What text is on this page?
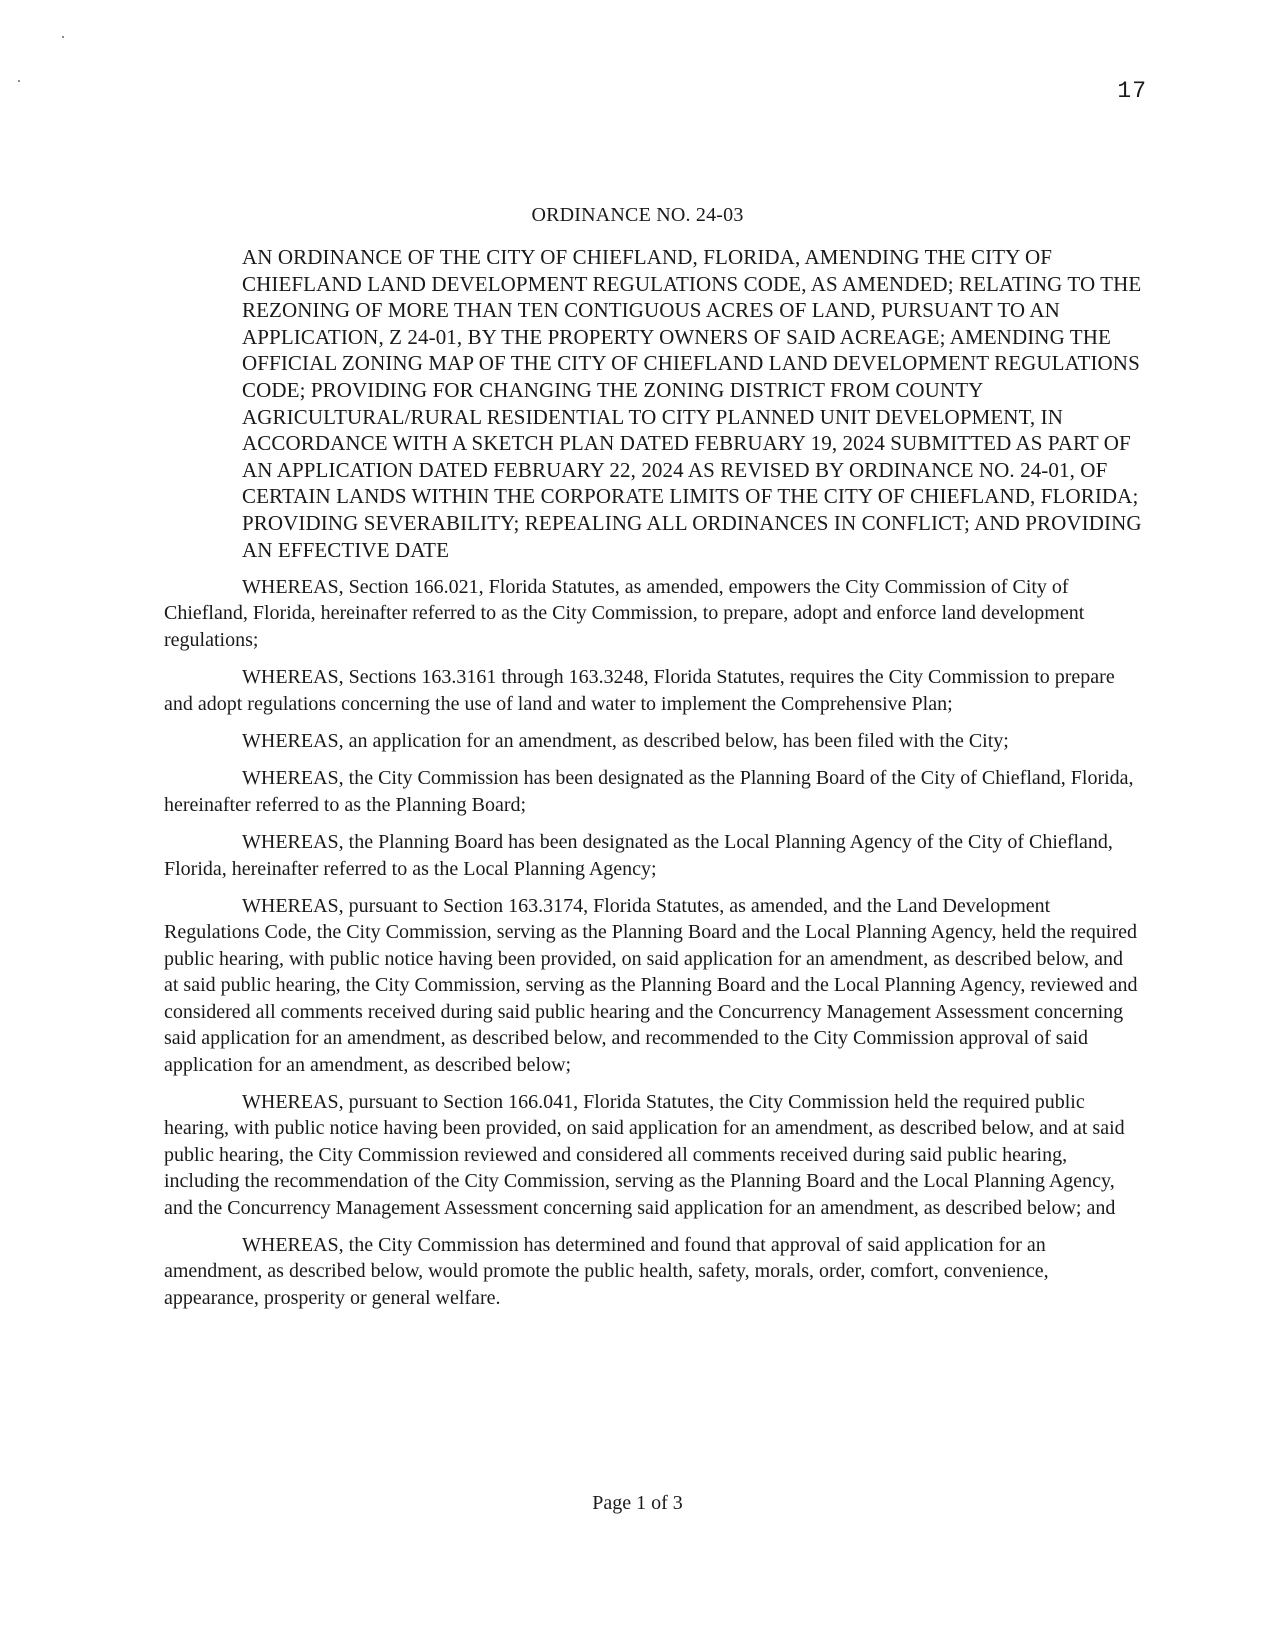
17
ORDINANCE NO. 24-03
AN ORDINANCE OF THE CITY OF CHIEFLAND, FLORIDA, AMENDING THE CITY OF CHIEFLAND LAND DEVELOPMENT REGULATIONS CODE, AS AMENDED; RELATING TO THE REZONING OF MORE THAN TEN CONTIGUOUS ACRES OF LAND, PURSUANT TO AN APPLICATION, Z 24-01, BY THE PROPERTY OWNERS OF SAID ACREAGE; AMENDING THE OFFICIAL ZONING MAP OF THE CITY OF CHIEFLAND LAND DEVELOPMENT REGULATIONS CODE; PROVIDING FOR CHANGING THE ZONING DISTRICT FROM COUNTY AGRICULTURAL/RURAL RESIDENTIAL TO CITY PLANNED UNIT DEVELOPMENT, IN ACCORDANCE WITH A SKETCH PLAN DATED FEBRUARY 19, 2024 SUBMITTED AS PART OF AN APPLICATION DATED FEBRUARY 22, 2024 AS REVISED BY ORDINANCE NO. 24-01, OF CERTAIN LANDS WITHIN THE CORPORATE LIMITS OF THE CITY OF CHIEFLAND, FLORIDA; PROVIDING SEVERABILITY; REPEALING ALL ORDINANCES IN CONFLICT; AND PROVIDING AN EFFECTIVE DATE

WHEREAS, Section 166.021, Florida Statutes, as amended, empowers the City Commission of City of Chiefland, Florida, hereinafter referred to as the City Commission, to prepare, adopt and enforce land development regulations;

WHEREAS, Sections 163.3161 through 163.3248, Florida Statutes, requires the City Commission to prepare and adopt regulations concerning the use of land and water to implement the Comprehensive Plan;

WHEREAS, an application for an amendment, as described below, has been filed with the City;

WHEREAS, the City Commission has been designated as the Planning Board of the City of Chiefland, Florida, hereinafter referred to as the Planning Board;

WHEREAS, the Planning Board has been designated as the Local Planning Agency of the City of Chiefland, Florida, hereinafter referred to as the Local Planning Agency;

WHEREAS, pursuant to Section 163.3174, Florida Statutes, as amended, and the Land Development Regulations Code, the City Commission, serving as the Planning Board and the Local Planning Agency, held the required public hearing, with public notice having been provided, on said application for an amendment, as described below, and at said public hearing, the City Commission, serving as the Planning Board and the Local Planning Agency, reviewed and considered all comments received during said public hearing and the Concurrency Management Assessment concerning said application for an amendment, as described below, and recommended to the City Commission approval of said application for an amendment, as described below;

WHEREAS, pursuant to Section 166.041, Florida Statutes, the City Commission held the required public hearing, with public notice having been provided, on said application for an amendment, as described below, and at said public hearing, the City Commission reviewed and considered all comments received during said public hearing, including the recommendation of the City Commission, serving as the Planning Board and the Local Planning Agency, and the Concurrency Management Assessment concerning said application for an amendment, as described below; and

WHEREAS, the City Commission has determined and found that approval of said application for an amendment, as described below, would promote the public health, safety, morals, order, comfort, convenience, appearance, prosperity or general welfare.

Page 1 of 3
